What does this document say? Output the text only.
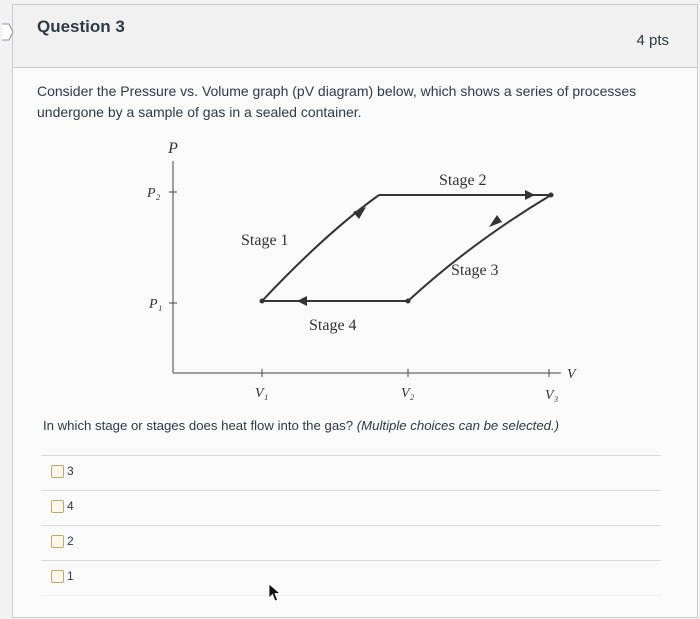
Question 3
4 pts
Consider the Pressure vs. Volume graph (pV diagram) below, which shows a series of processes undergone by a sample of gas in a sealed container.
P
V
P₂
P₁
V₁	V₂	V₃
Stage 2
Stage 1
Stage 3
Stage 4
In which stage or stages does heat flow into the gas? (Multiple choices can be selected.)
3
4
2
1
